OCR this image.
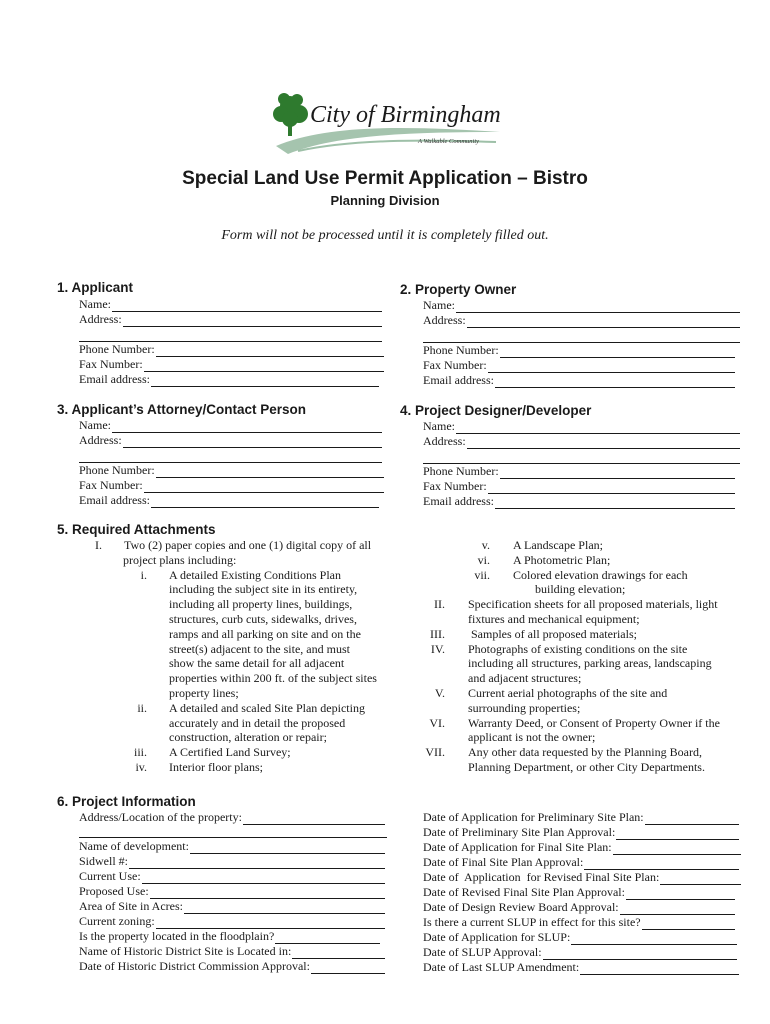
City of Birmingham
A Walkable Community
Special Land Use Permit Application – Bistro
Planning Division
Form will not be processed until it is completely filled out.
1. Applicant
Name:
Address:
Phone Number:
Fax Number:
Email address:
2. Property Owner
Name:
Address:
Phone Number:
Fax Number:
Email address:
3. Applicant’s Attorney/Contact Person
Name:
Address:
Phone Number:
Fax Number:
Email address:
4. Project Designer/Developer
Name:
Address:
Phone Number:
Fax Number:
Email address:
5. Required Attachments
I. Two (2) paper copies and one (1) digital copy of all
project plans including:
i. A detailed Existing Conditions Plan
including the subject site in its entirety,
including all property lines, buildings,
structures, curb cuts, sidewalks, drives,
ramps and all parking on site and on the
street(s) adjacent to the site, and must
show the same detail for all adjacent
properties within 200 ft. of the subject sites
property lines;
ii. A detailed and scaled Site Plan depicting
accurately and in detail the proposed
construction, alteration or repair;
iii.	A Certified Land Survey;
iv.	Interior floor plans;
v.	A Landscape Plan;
vi.	A Photometric Plan;
vii. Colored elevation drawings for each
building elevation;
II. Specification sheets for all proposed materials, light
fixtures and mechanical equipment;
III.	Samples of all proposed materials;
IV. Photographs of existing conditions on the site
including all structures, parking areas, landscaping
and adjacent structures;
V. Current aerial photographs of the site and
surrounding properties;
VI. Warranty Deed, or Consent of Property Owner if the
applicant is not the owner;
VII. Any other data requested by the Planning Board,
Planning Department, or other City Departments.
6. Project Information
Address/Location of the property:
Name of development:
Sidwell #:
Current Use:
Proposed Use:
Area of Site in Acres:
Current zoning:
Is the property located in the floodplain?
Name of Historic District Site is Located in:
Date of Historic District Commission Approval:
Date of Application for Preliminary Site Plan:
Date of Preliminary Site Plan Approval:
Date of Application for Final Site Plan:
Date of Final Site Plan Approval:
Date of  Application  for Revised Final Site Plan:
Date of Revised Final Site Plan Approval:
Date of Design Review Board Approval:
Is there a current SLUP in effect for this site?
Date of Application for SLUP:
Date of SLUP Approval:
Date of Last SLUP Amendment:
